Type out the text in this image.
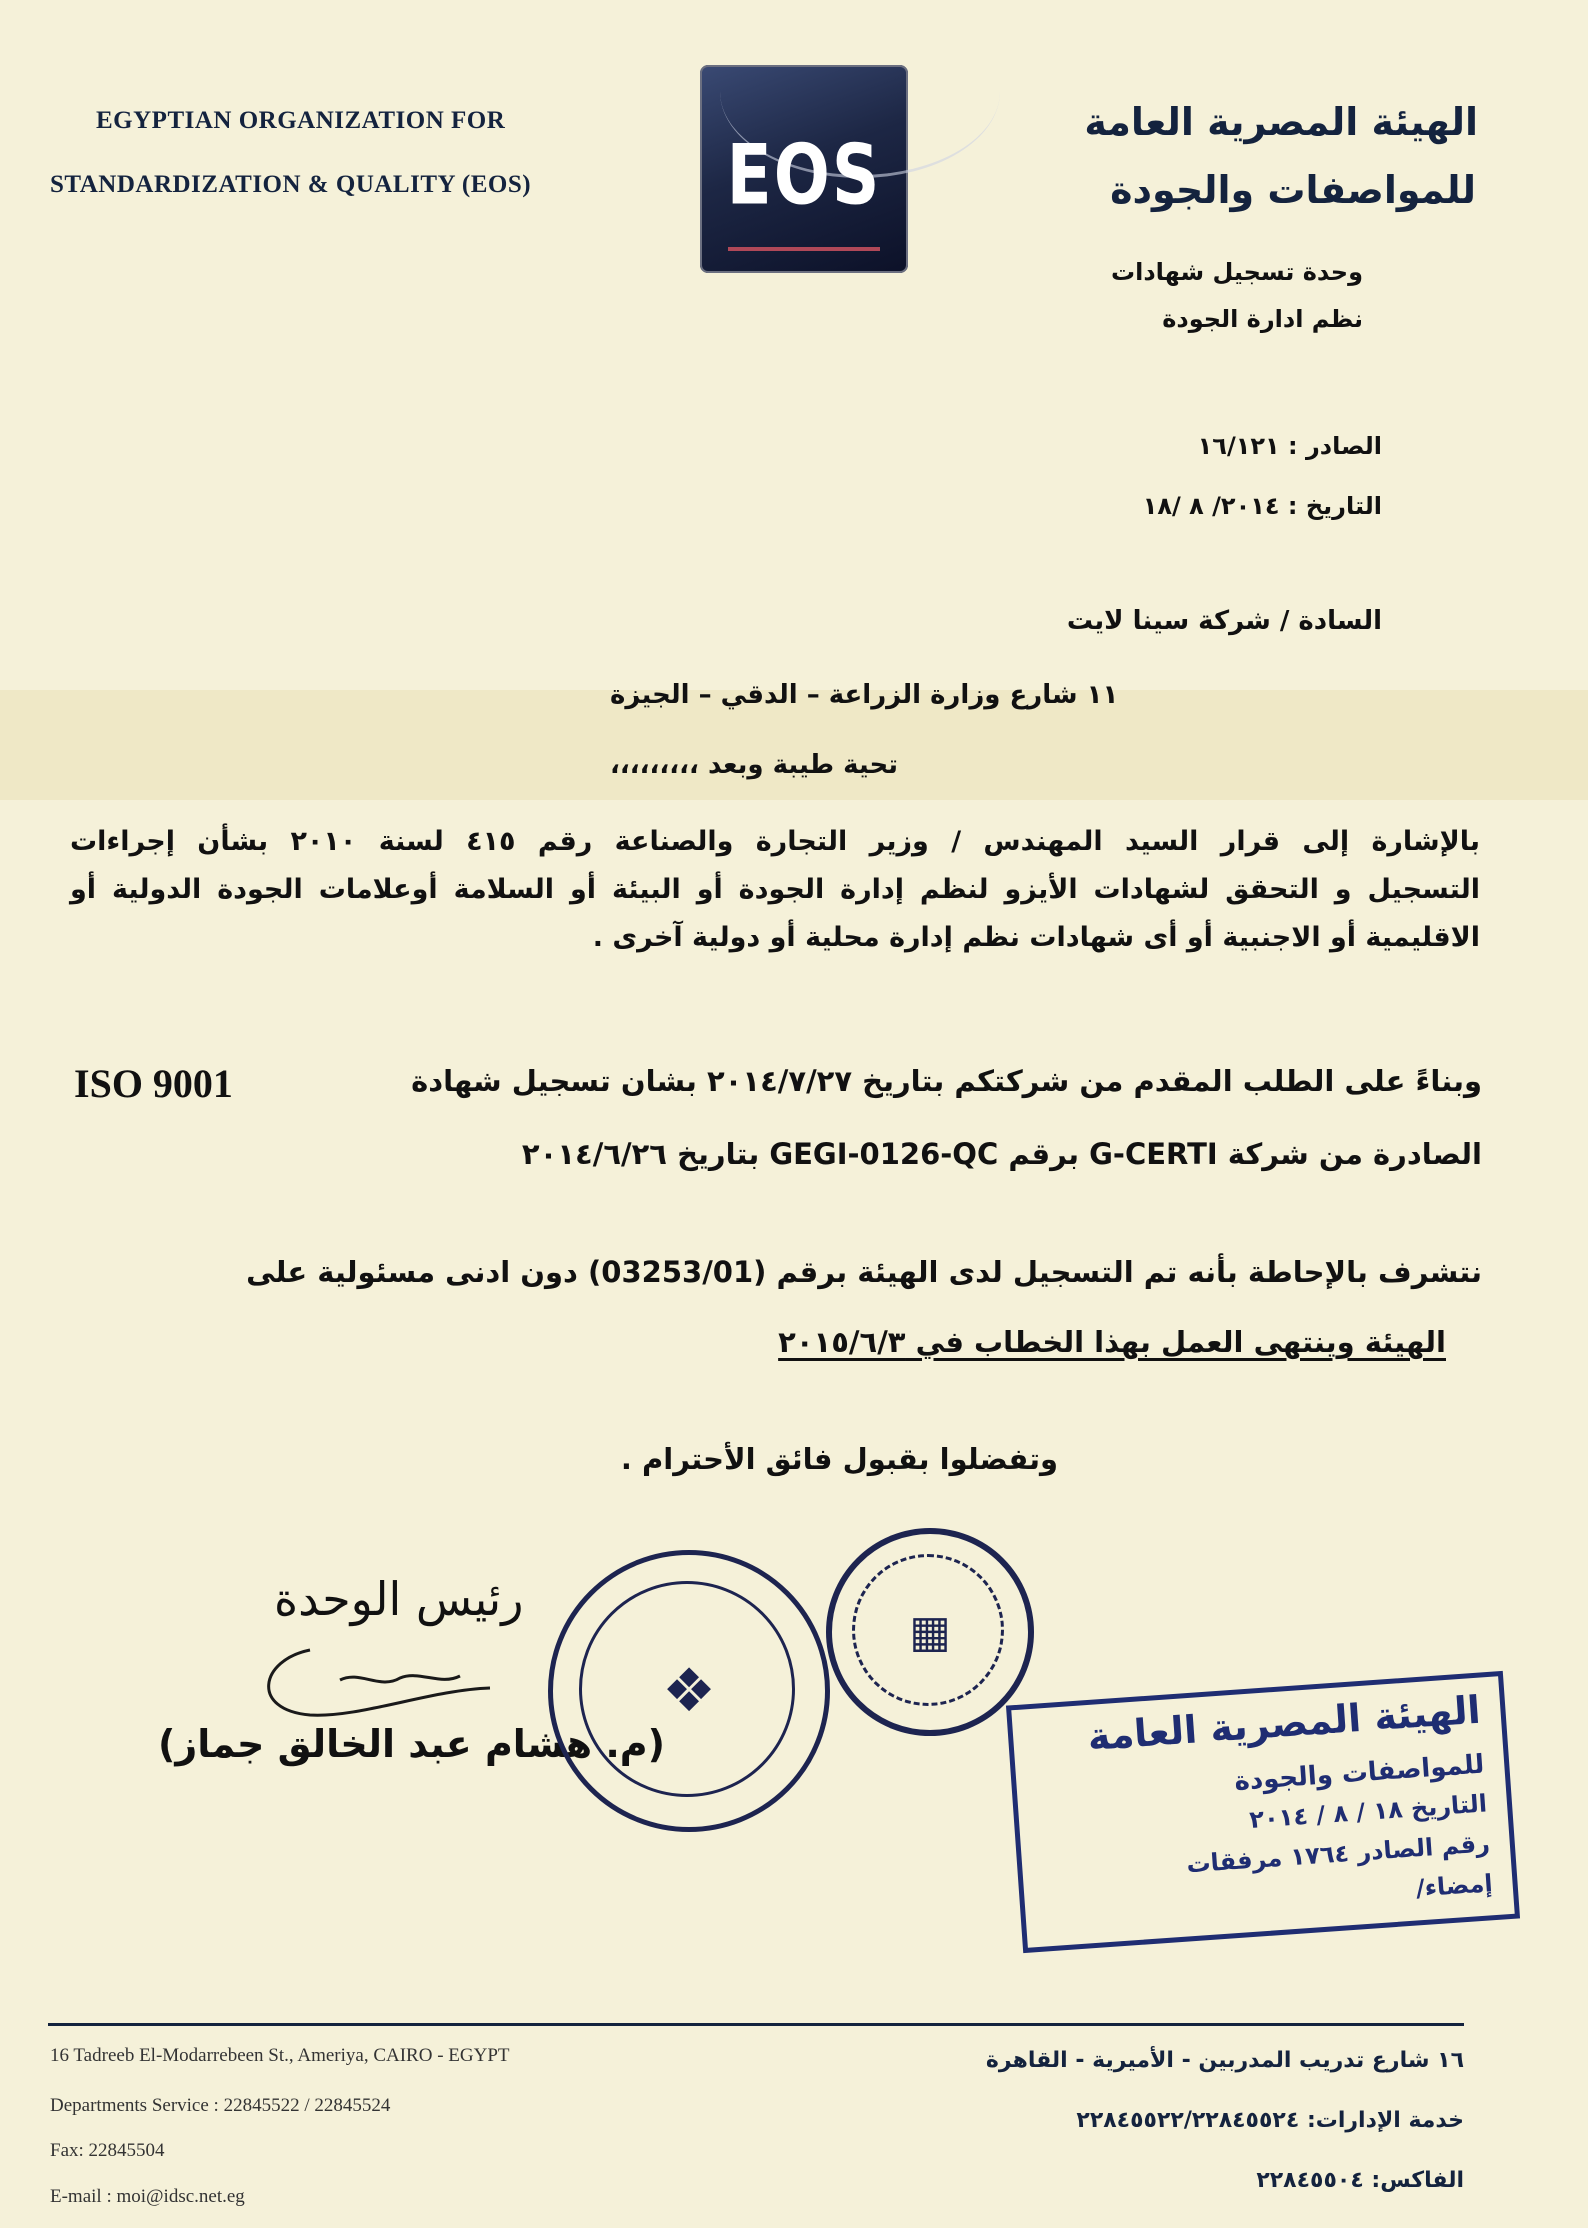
EGYPTIAN ORGANIZATION FOR
STANDARDIZATION & QUALITY (EOS)	EOS
الهيئة المصرية العامة
للمواصفات والجودة
وحدة تسجيل شهادات
نظم ادارة الجودة
الصادر : ١٦/١٢١
التاريخ : ٢٠١٤/ ٨ /١٨
السادة / شركة سينا لايت
١١ شارع وزارة الزراعة – الدقي – الجيزة
تحية طيبة وبعد ،،،،،،،،،
بالإشارة إلى قرار السيد المهندس / وزير التجارة والصناعة رقم ٤١٥ لسنة ٢٠١٠ بشأن إجراءات
التسجيل و التحقق لشهادات الأيزو لنظم إدارة الجودة أو البيئة أو السلامة أوعلامات الجودة الدولية أو
الاقليمية أو الاجنبية أو أى شهادات نظم إدارة محلية أو دولية آخرى .
ISO 9001	وبناءً على الطلب المقدم من شركتكم بتاريخ ٢٠١٤/٧/٢٧ بشان تسجيل شهادة
الصادرة من شركة G-CERTI برقم GEGI-0126-QC بتاريخ ٢٠١٤/٦/٢٦
نتشرف بالإحاطة بأنه تم التسجيل لدى الهيئة برقم (03253/01) دون ادنى مسئولية على
الهيئة وينتهى العمل بهذا الخطاب في ٢٠١٥/٦/٣
وتفضلوا بقبول فائق الأحترام .
رئيس الوحدة
(م. هشام عبد الخالق جماز)
❖
▦
الهيئة المصرية العامة
للمواصفات والجودة
التاريخ ١٨ / ٨ / ٢٠١٤
رقم الصادر ١٧٦٤ مرفقات
إمضاء/
16 Tadreeb El-Modarrebeen St., Ameriya, CAIRO - EGYPT
Departments Service : 22845522 / 22845524
Fax: 22845504
E-mail : moi@idsc.net.eg
١٦ شارع تدريب المدربين - الأميرية - القاهرة
خدمة الإدارات: ٢٢٨٤٥٥٢٢/٢٢٨٤٥٥٢٤
الفاكس: ٢٢٨٤٥٥٠٤
